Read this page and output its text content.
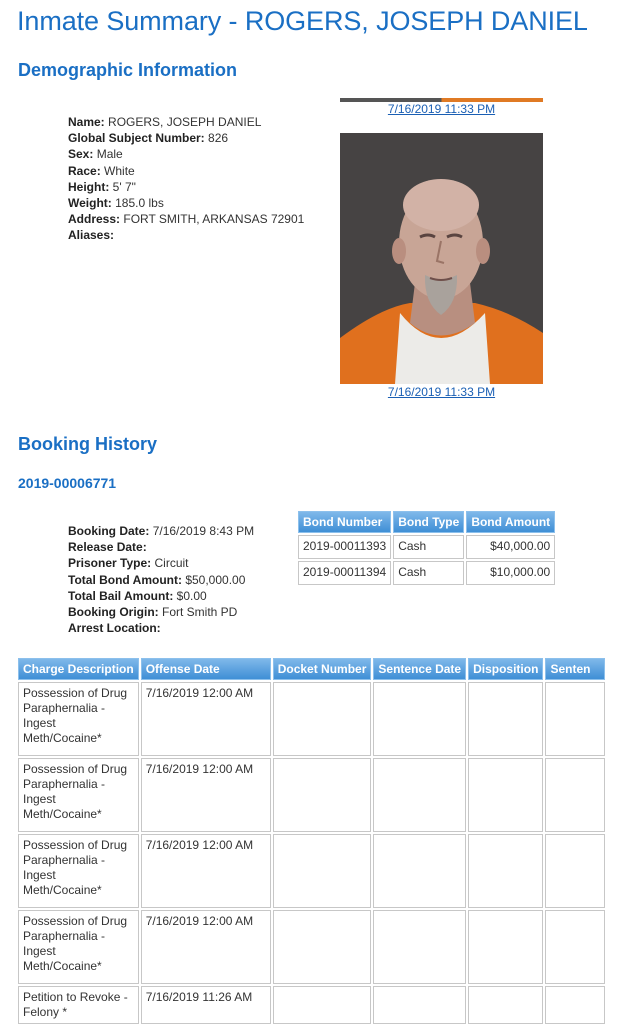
Inmate Summary - ROGERS, JOSEPH DANIEL
Demographic Information
Name: ROGERS, JOSEPH DANIEL
Global Subject Number: 826
Sex: Male
Race: White
Height: 5' 7"
Weight: 185.0 lbs
Address: FORT SMITH, ARKANSAS 72901
Aliases:
7/16/2019 11:33 PM
7/16/2019 11:33 PM
Booking History
2019-00006771
Booking Date: 7/16/2019 8:43 PM
Release Date:
Prisoner Type: Circuit
Total Bond Amount: $50,000.00
Total Bail Amount: $0.00
Booking Origin: Fort Smith PD
Arrest Location:
Bond Number	Bond Type	Bond Amount
2019-00011393	Cash	$40,000.00
2019-00011394	Cash	$10,000.00
Charge Description	Offense Date	Docket Number	Sentence Date	Disposition	Senten
Possession of Drug Paraphernalia - Ingest Meth/Cocaine*	7/16/2019 12:00 AM				
Possession of Drug Paraphernalia - Ingest Meth/Cocaine*	7/16/2019 12:00 AM				
Possession of Drug Paraphernalia - Ingest Meth/Cocaine*	7/16/2019 12:00 AM				
Possession of Drug Paraphernalia - Ingest Meth/Cocaine*	7/16/2019 12:00 AM				
Petition to Revoke - Felony *	7/16/2019 11:26 AM				
